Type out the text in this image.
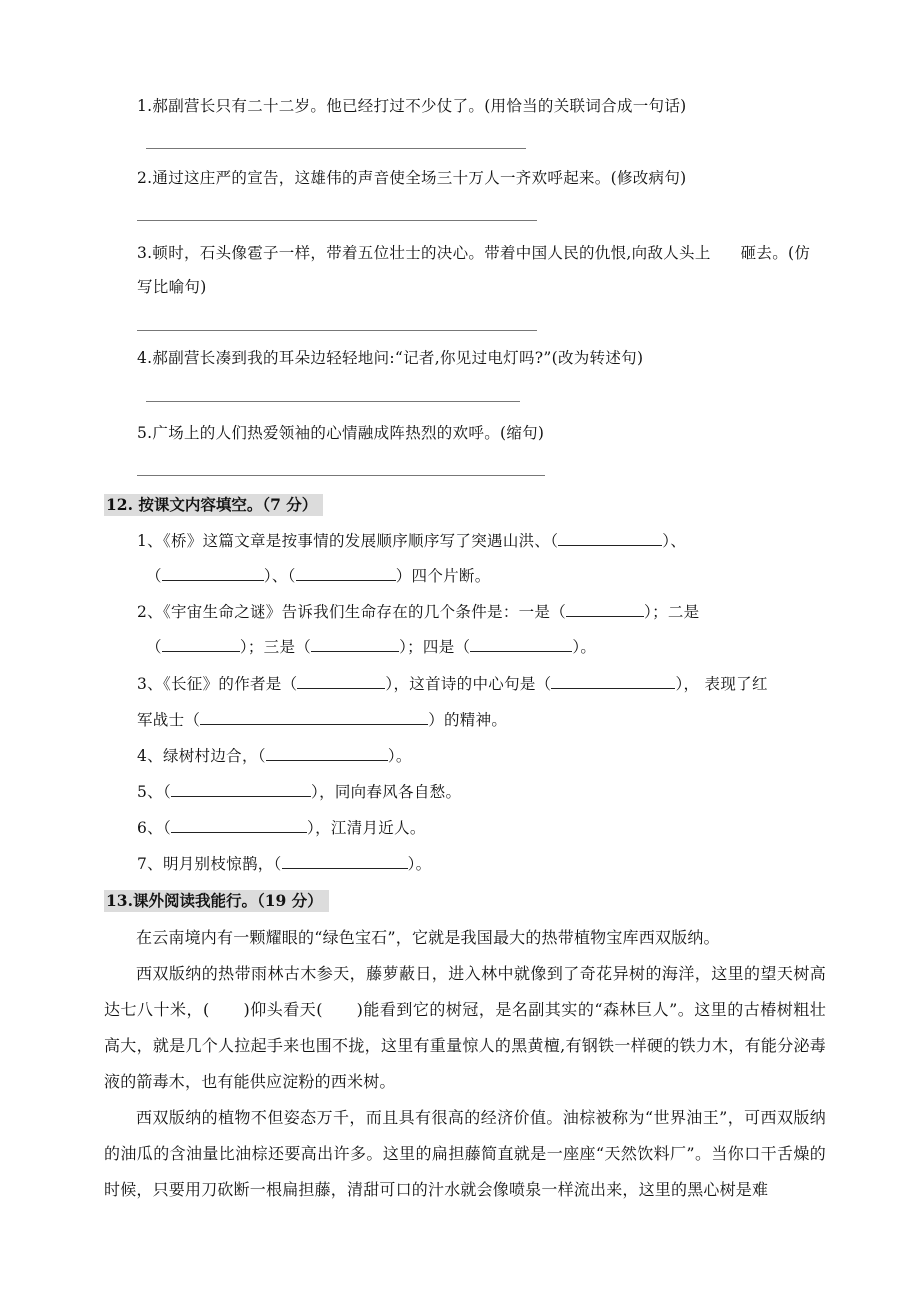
1.郝副营长只有二十二岁。他已经打过不少仗了。(用恰当的关联词合成一句话)
2.通过这庄严的宣告，这雄伟的声音使全场三十万人一齐欢呼起来。(修改病句)
3.顿时，石头像雹子一样，带着五位壮士的决心。带着中国人民的仇恨,向敌人头上 砸去。(仿
写比喻句)
4.郝副营长凑到我的耳朵边轻轻地问:“记者,你见过电灯吗?”(改为转述句)
5.广场上的人们热爱领袖的心情融成阵热烈的欢呼。(缩句)
12. 按课文内容填空。（7 分）
1、《桥》这篇文章是按事情的发展顺序顺序写了突遇山洪、（	）、
（	）、（	）四个片断。
2、《宇宙生命之谜》告诉我们生命存在的几个条件是：一是（	）；二是
（	）；三是（	）；四是（	）。
3、《长征》的作者是（	），这首诗的中心句是（	）， 表现了红
军战士（	）的精神。
4、绿树村边合，（	）。
5、（	），同向春风各自愁。
6、（	），江清月近人。
7、明月别枝惊鹊，（	）。
13.课外阅读我能行。（19 分）
在云南境内有一颗耀眼的“绿色宝石”，它就是我国最大的热带植物宝库西双版纳。
西双版纳的热带雨林古木参天，藤萝蔽日，进入林中就像到了奇花异树的海洋，这里的望天树高达七八十米，( )仰头看天( )能看到它的树冠，是名副其实的“森林巨人”。这里的古椿树粗壮高大，就是几个人拉起手来也围不拢，这里有重量惊人的黑黄檀,有钢铁一样硬的铁力木，有能分泌毒液的箭毒木，也有能供应淀粉的西米树。
西双版纳的植物不但姿态万千，而且具有很高的经济价值。油棕被称为“世界油王”，可西双版纳的油瓜的含油量比油棕还要高出许多。这里的扁担藤简直就是一座座“天然饮料厂”。当你口干舌燥的时候，只要用刀砍断一根扁担藤，清甜可口的汁水就会像喷泉一样流出来，这里的黑心树是难
